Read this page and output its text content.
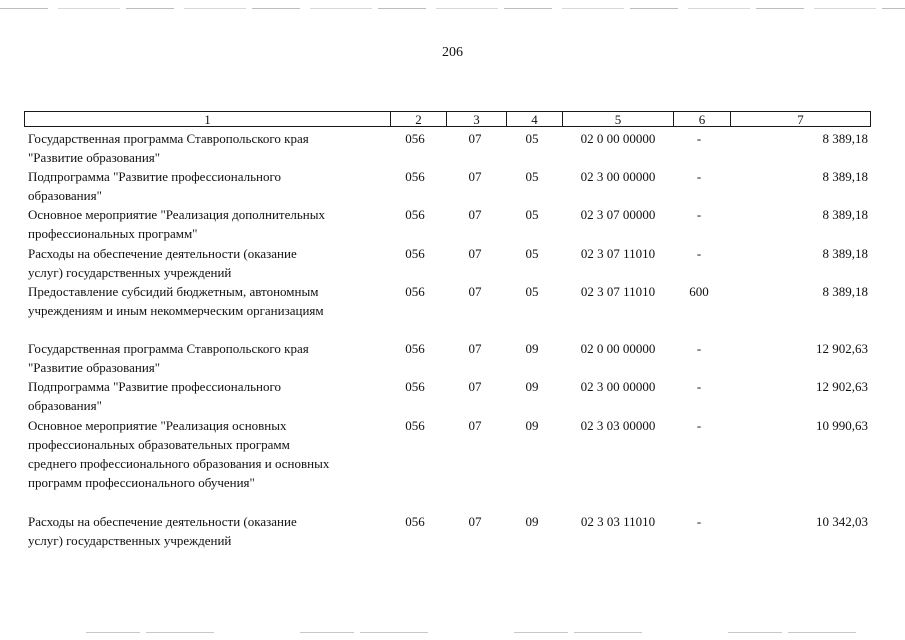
206
1	2	3	4	5	6	7
Государственная программа Ставропольского края
"Развитие образования"
056	07	05	02 0 00 00000	-	8 389,18
Подпрограмма "Развитие профессионального
образования"
056	07	05	02 3 00 00000	-	8 389,18
Основное мероприятие "Реализация дополнительных
профессиональных программ"
056	07	05	02 3 07 00000	-	8 389,18
Расходы на обеспечение деятельности (оказание
услуг) государственных учреждений
056	07	05	02 3 07 11010	-	8 389,18
Предоставление субсидий бюджетным, автономным
учреждениям и иным некоммерческим организациям
056	07	05	02 3 07 11010	600	8 389,18
Государственная программа Ставропольского края
"Развитие образования"
056	07	09	02 0 00 00000	-	12 902,63
Подпрограмма "Развитие профессионального
образования"
056	07	09	02 3 00 00000	-	12 902,63
Основное мероприятие "Реализация основных
профессиональных образовательных программ
среднего профессионального образования и основных
программ профессионального обучения"
056	07	09	02 3 03 00000	-	10 990,63
Расходы на обеспечение деятельности (оказание
услуг) государственных учреждений
056	07	09	02 3 03 11010	-	10 342,03
